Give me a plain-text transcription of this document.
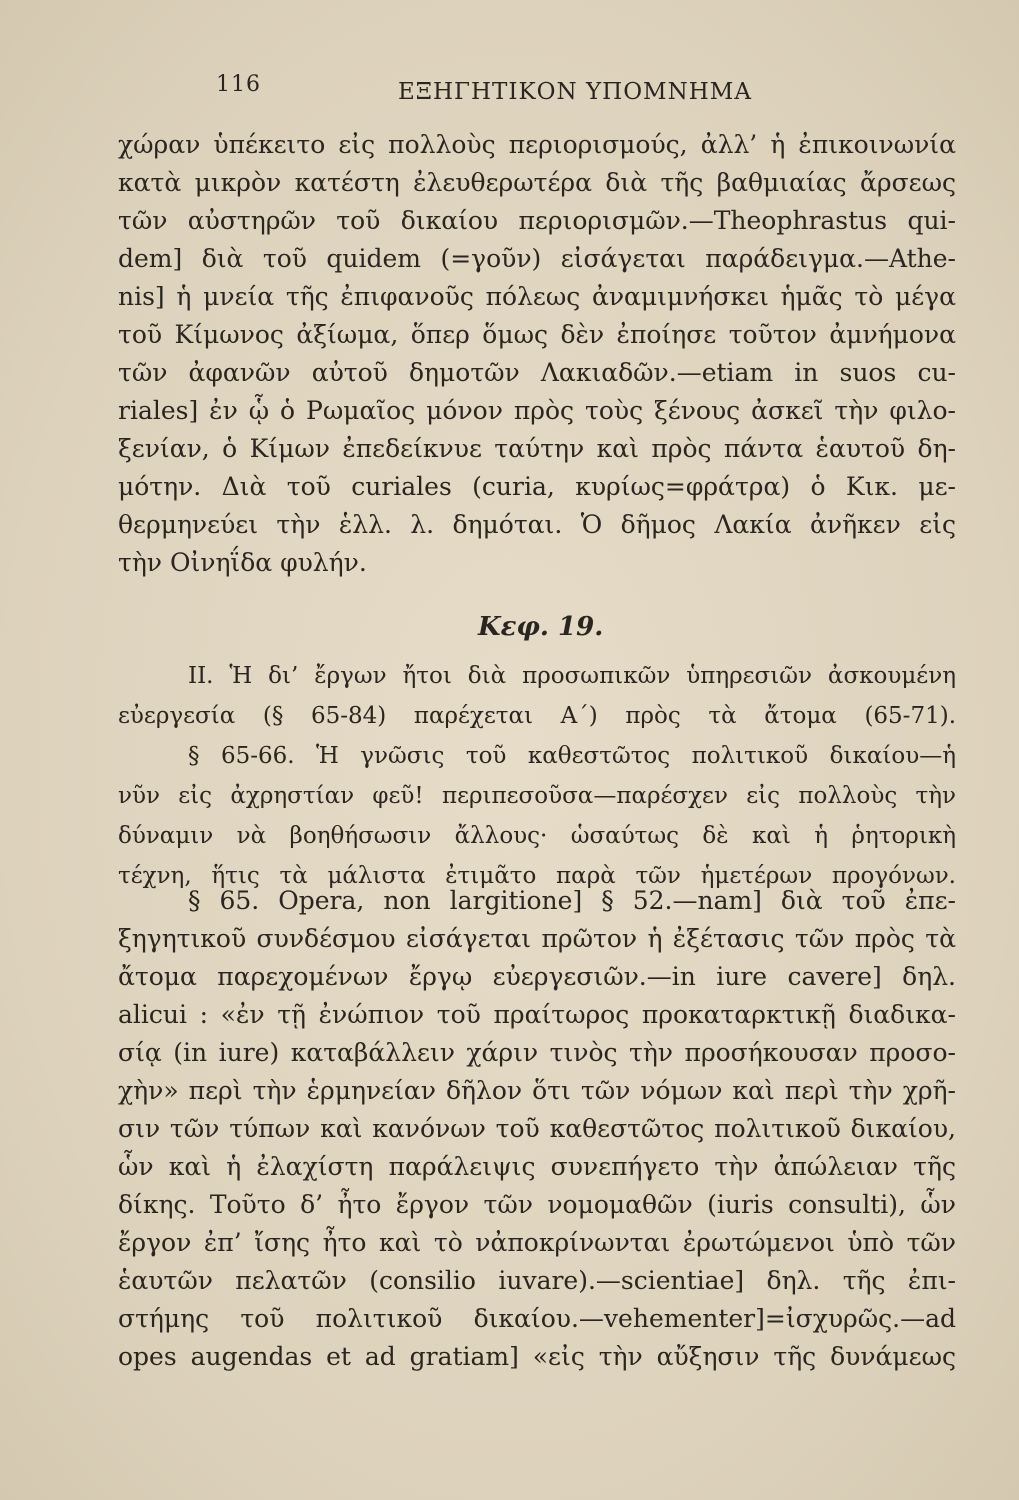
116	ΕΞΗΓΗΤΙΚΟΝ ΥΠΟΜΝΗΜΑ
χώραν ὑπέκειτο εἰς πολλοὺς περιορισμούς, ἀλλ’ ἡ ἐπικοινωνία
κατὰ μικρὸν κατέστη ἐλευθερωτέρα διὰ τῆς βαθμιαίας ἄρσεως
τῶν αὐστηρῶν τοῦ δικαίου περιορισμῶν.—Theophrastus qui-
dem] διὰ τοῦ quidem (=γοῦν) εἰσάγεται παράδειγμα.—Athe-
nis] ἡ μνεία τῆς ἐπιφανοῦς πόλεως ἀναμιμνήσκει ἡμᾶς τὸ μέγα
τοῦ Κίμωνος ἀξίωμα, ὅπερ ὅμως δὲν ἐποίησε τοῦτον ἀμνήμονα
τῶν ἀφανῶν αὐτοῦ δημοτῶν Λακιαδῶν.—etiam in suos cu-
riales] ἐν ᾧ ὁ Ρωμαῖος μόνον πρὸς τοὺς ξένους ἀσκεῖ τὴν φιλο-
ξενίαν, ὁ Κίμων ἐπεδείκνυε ταύτην καὶ πρὸς πάντα ἑαυτοῦ δη-
μότην. Διὰ τοῦ curiales (curia, κυρίως=φράτρα) ὁ Κικ. με-
θερμηνεύει τὴν ἑλλ. λ. δημόται. Ὁ δῆμος Λακία ἀνῆκεν εἰς
τὴν Οἰνηΐδα φυλήν.
Κεφ. 19.
II. Ἡ δι’ ἔργων ἤτοι διὰ προσωπικῶν ὑπηρεσιῶν ἀσκουμένη
εὐεργεσία (§ 65-84) παρέχεται Α΄) πρὸς τὰ ἄτομα (65-71).
§ 65-66. Ἡ γνῶσις τοῦ καθεστῶτος πολιτικοῦ δικαίου—ἡ
νῦν εἰς ἀχρηστίαν φεῦ! περιπεσοῦσα—παρέσχεν εἰς πολλοὺς τὴν
δύναμιν νὰ βοηθήσωσιν ἄλλους· ὡσαύτως δὲ καὶ ἡ ῥητορικὴ
τέχνη, ἥτις τὰ μάλιστα ἐτιμᾶτο παρὰ τῶν ἡμετέρων προγόνων.
§ 65. Opera, non largitione] § 52.—nam] διὰ τοῦ ἐπε-
ξηγητικοῦ συνδέσμου εἰσάγεται πρῶτον ἡ ἐξέτασις τῶν πρὸς τὰ
ἄτομα παρεχομένων ἔργῳ εὐεργεσιῶν.—in iure cavere] δηλ.
alicui : «ἐν τῇ ἐνώπιον τοῦ πραίτωρος προκαταρκτικῇ διαδικα-
σίᾳ (in iure) καταβάλλειν χάριν τινὸς τὴν προσήκουσαν προσο-
χὴν» περὶ τὴν ἑρμηνείαν δῆλον ὅτι τῶν νόμων καὶ περὶ τὴν χρῆ-
σιν τῶν τύπων καὶ κανόνων τοῦ καθεστῶτος πολιτικοῦ δικαίου,
ὧν καὶ ἡ ἐλαχίστη παράλειψις συνεπήγετο τὴν ἀπώλειαν τῆς
δίκης. Τοῦτο δ’ ἦτο ἔργον τῶν νομομαθῶν (iuris consulti), ὧν
ἔργον ἐπ’ ἴσης ἦτο καὶ τὸ νἀποκρίνωνται ἐρωτώμενοι ὑπὸ τῶν
ἑαυτῶν πελατῶν (consilio iuvare).—scientiae] δηλ. τῆς ἐπι-
στήμης τοῦ πολιτικοῦ δικαίου.—vehementer]=ἰσχυρῶς.—ad
opes augendas et ad gratiam] «εἰς τὴν αὔξησιν τῆς δυνάμεως
